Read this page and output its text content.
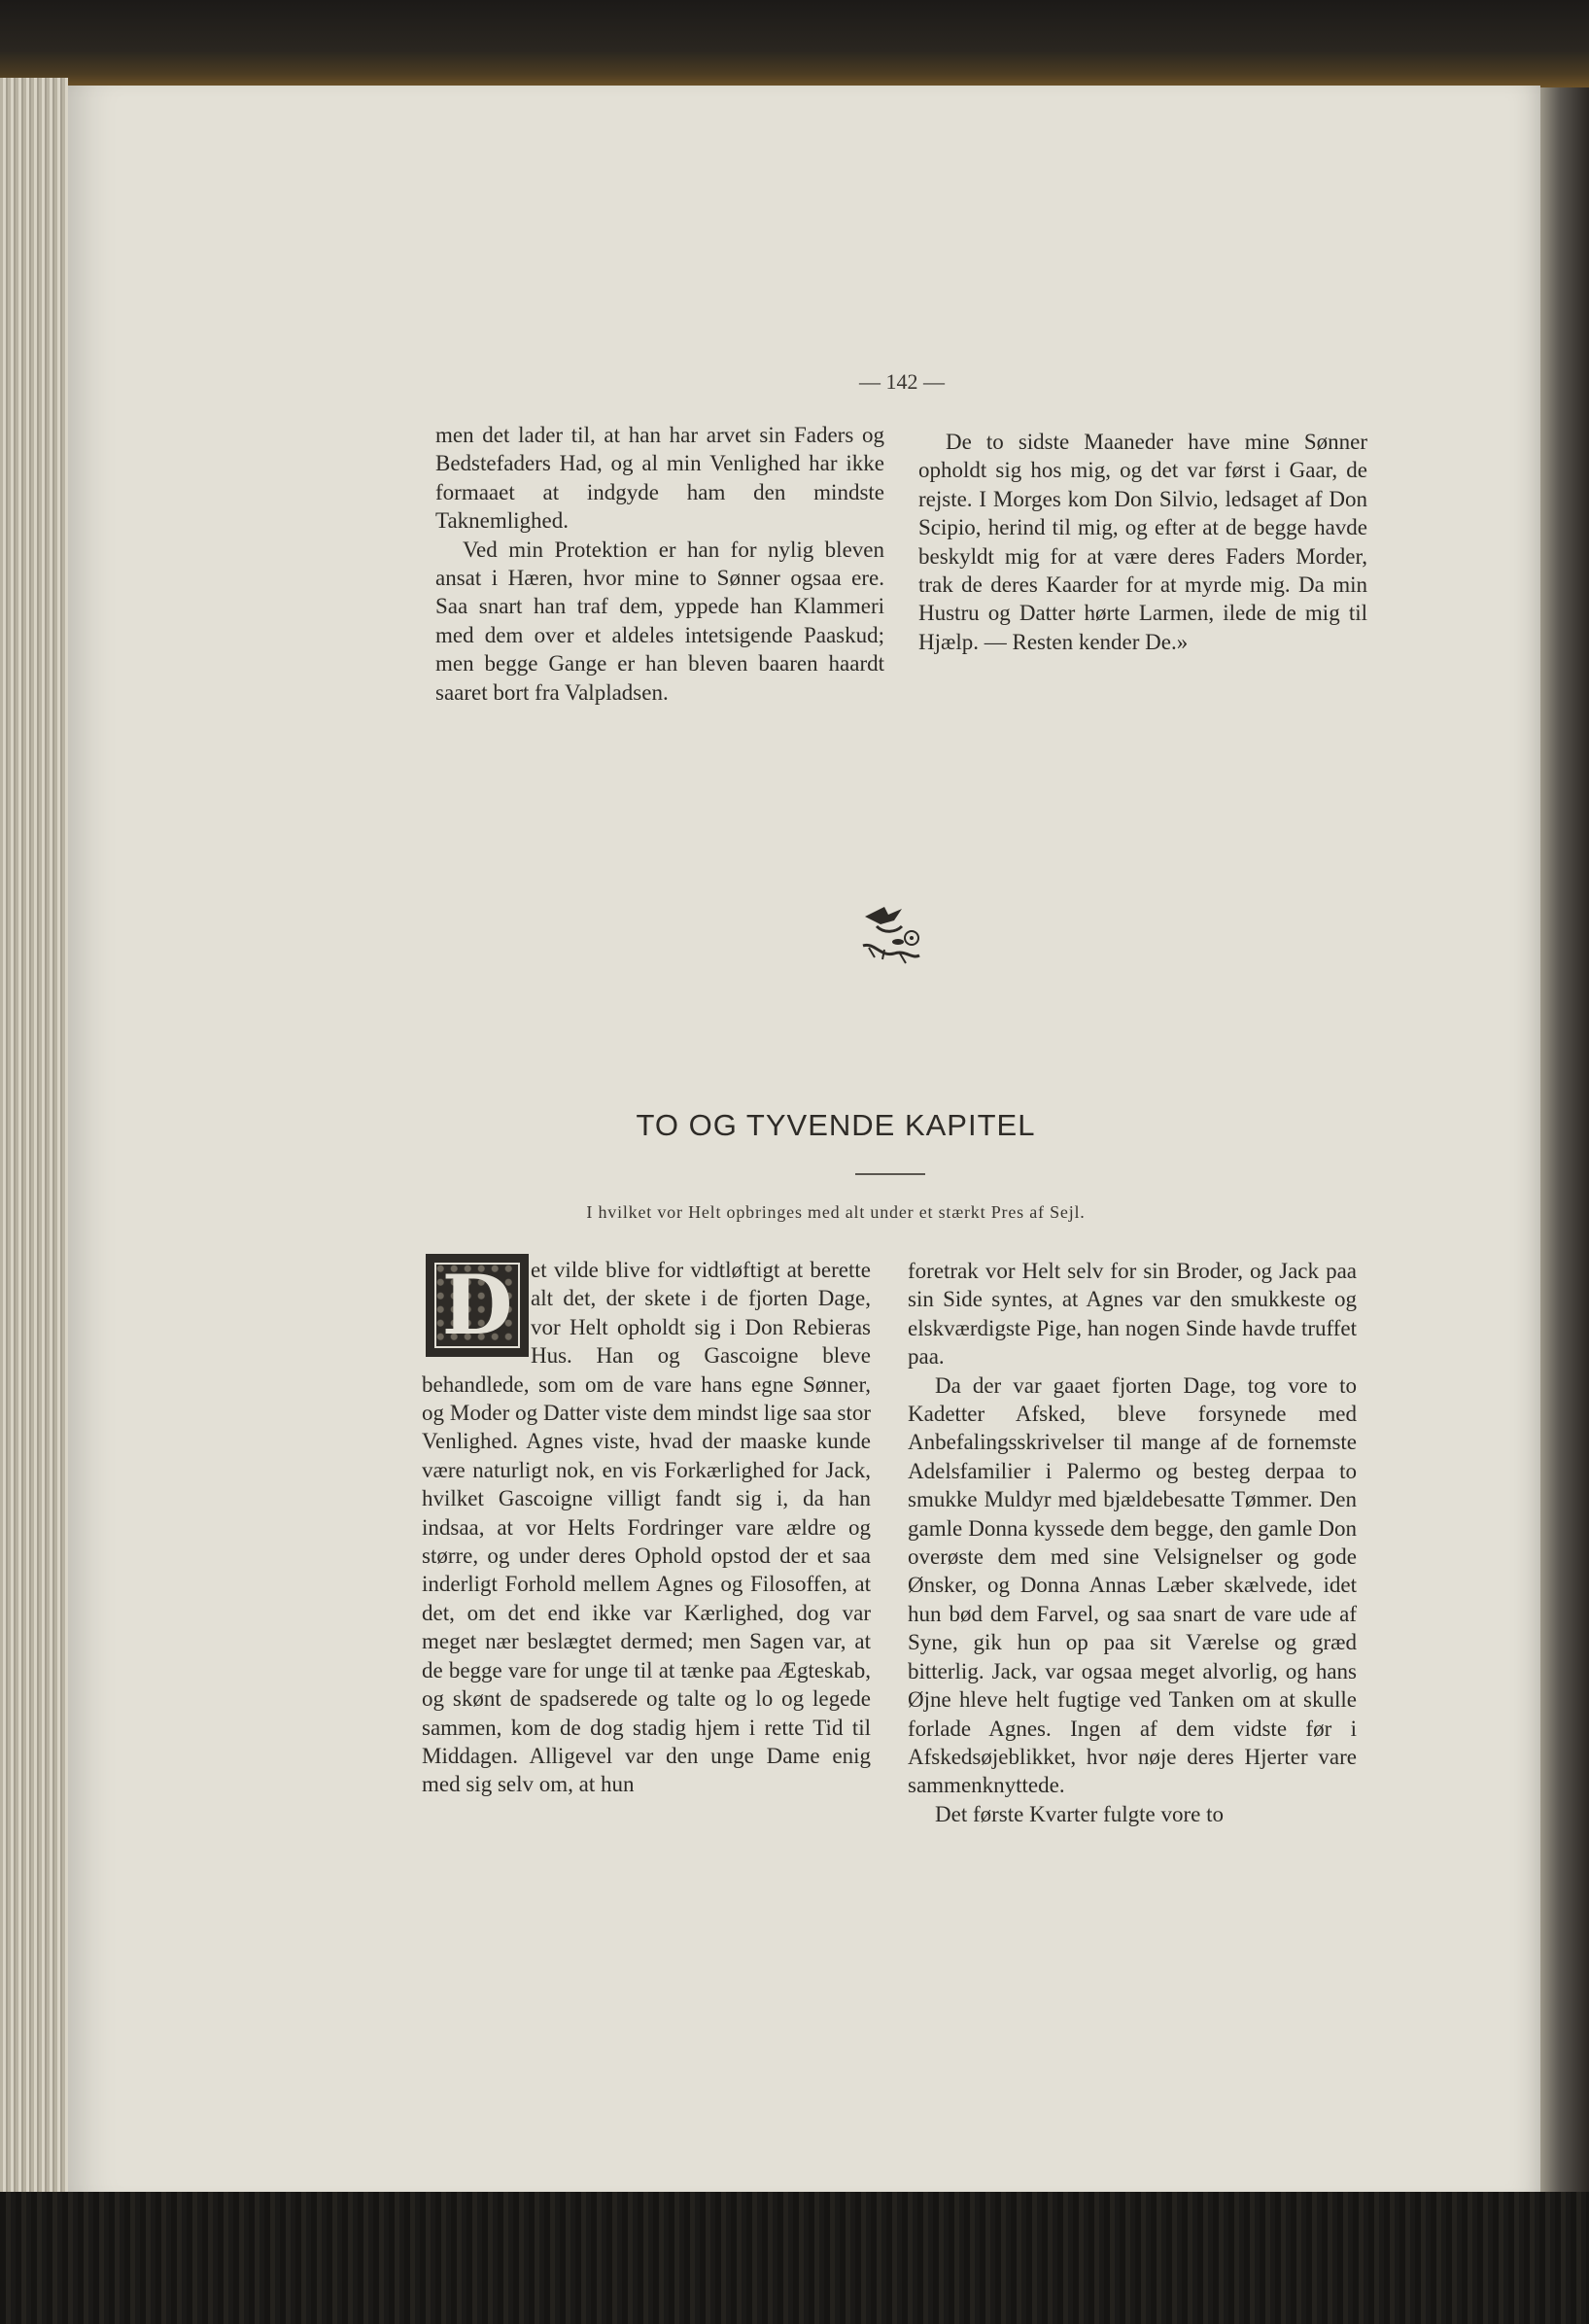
— 142 —

men det lader til, at han har arvet sin Faders og Bedstefaders Had, og al min Venlighed har ikke formaaet at indgyde ham den mindste Taknemlighed.

Ved min Protektion er han for nylig bleven ansat i Hæren, hvor mine to Sønner ogsaa ere. Saa snart han traf dem, yppede han Klammeri med dem over et aldeles intetsigende Paaskud; men begge Gange er han bleven baaren haardt saaret bort fra Valpladsen.

De to sidste Maaneder have mine Sønner opholdt sig hos mig, og det var først i Gaar, de rejste. I Morges kom Don Silvio, ledsaget af Don Scipio, herind til mig, og efter at de begge havde beskyldt mig for at være deres Faders Morder, trak de deres Kaarder for at myrde mig. Da min Hustru og Datter hørte Larmen, ilede de mig til Hjælp. — Resten kender De.»

TO OG TYVENDE KAPITEL
I hvilket vor Helt opbringes med alt under et stærkt Pres af Sejl.
D et vilde blive for vidtløftigt at berette alt det, der skete i de fjorten Dage, vor Helt opholdt sig i Don Rebieras Hus. Han og Gascoigne bleve behandlede, som om de vare hans egne Sønner, og Moder og Datter viste dem mindst lige saa stor Venlighed. Agnes viste, hvad der maaske kunde være naturligt nok, en vis Forkærlighed for Jack, hvilket Gascoigne villigt fandt sig i, da han indsaa, at vor Helts Fordringer vare ældre og større, og under deres Ophold opstod der et saa inderligt Forhold mellem Agnes og Filosoffen, at det, om det end ikke var Kærlighed, dog var meget nær beslægtet dermed; men Sagen var, at de begge vare for unge til at tænke paa Ægteskab, og skønt de spadserede og talte og lo og legede sammen, kom de dog stadig hjem i rette Tid til Middagen. Alligevel var den unge Dame enig med sig selv om, at hun

foretrak vor Helt selv for sin Broder, og Jack paa sin Side syntes, at Agnes var den smukkeste og elskværdigste Pige, han nogen Sinde havde truffet paa.

Da der var gaaet fjorten Dage, tog vore to Kadetter Afsked, bleve forsynede med Anbefalingsskrivelser til mange af de fornemste Adelsfamilier i Palermo og besteg derpaa to smukke Muldyr med bjældebesatte Tømmer. Den gamle Donna kyssede dem begge, den gamle Don overøste dem med sine Velsignelser og gode Ønsker, og Donna Annas Læber skælvede, idet hun bød dem Farvel, og saa snart de vare ude af Syne, gik hun op paa sit Værelse og græd bitterlig. Jack, var ogsaa meget alvorlig, og hans Øjne hleve helt fugtige ved Tanken om at skulle forlade Agnes. Ingen af dem vidste før i Afskedsøjeblikket, hvor nøje deres Hjerter vare sammenknyttede.

Det første Kvarter fulgte vore to
